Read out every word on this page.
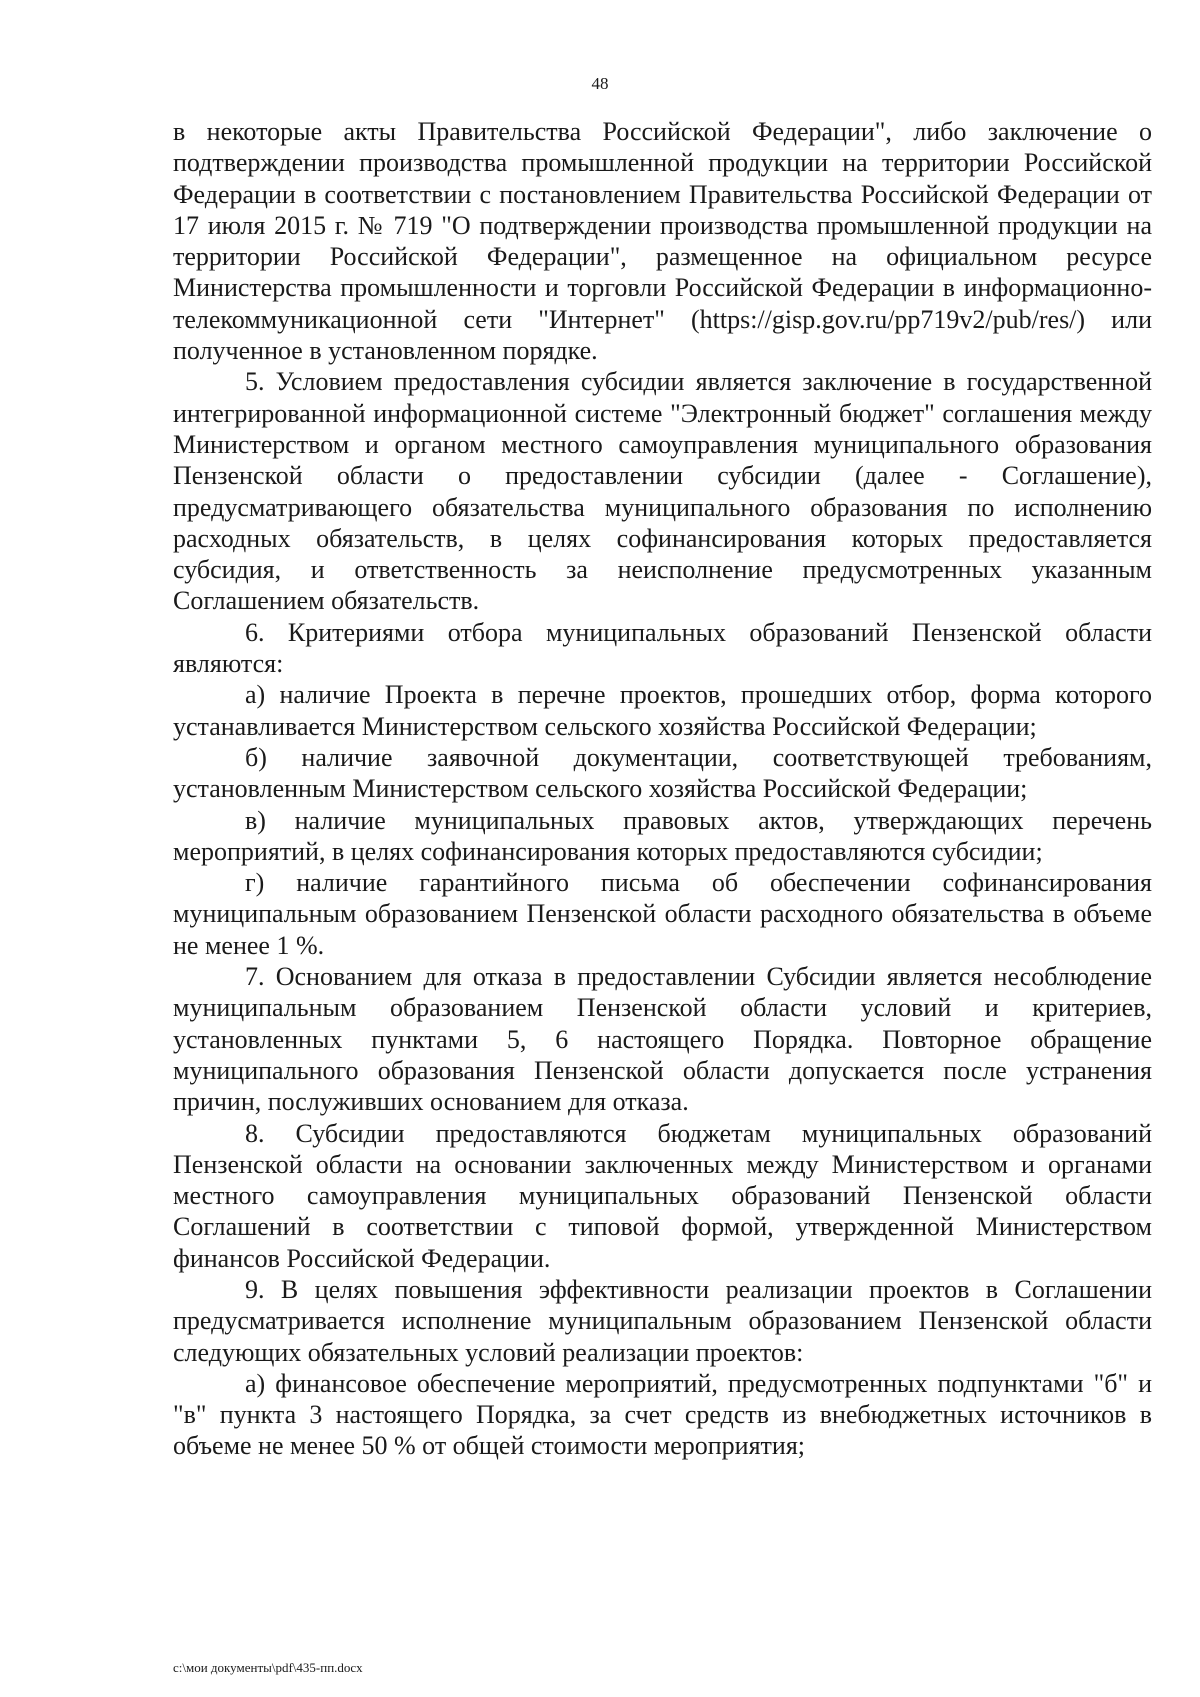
48

в некоторые акты Правительства Российской Федерации", либо заключение о подтверждении производства промышленной продукции на территории Российской Федерации в соответствии с постановлением Правительства Российской Федерации от 17 июля 2015 г. № 719 "О подтверждении производства промышленной продукции на территории Российской Федерации", размещенное на официальном ресурсе Министерства промышленности и торговли Российской Федерации в информационно-телекоммуникационной сети "Интернет" (https://gisp.gov.ru/pp719v2/pub/res/) или полученное в установленном порядке.

5. Условием предоставления субсидии является заключение в государственной интегрированной информационной системе "Электронный бюджет" соглашения между Министерством и органом местного самоуправления муниципального образования Пензенской области о предоставлении субсидии (далее - Соглашение), предусматривающего обязательства муниципального образования по исполнению расходных обязательств, в целях софинансирования которых предоставляется субсидия, и ответственность за неисполнение предусмотренных указанным Соглашением обязательств.

6. Критериями отбора муниципальных образований Пензенской области являются:

а) наличие Проекта в перечне проектов, прошедших отбор, форма которого устанавливается Министерством сельского хозяйства Российской Федерации;

б) наличие заявочной документации, соответствующей требованиям, установленным Министерством сельского хозяйства Российской Федерации;

в) наличие муниципальных правовых актов, утверждающих перечень мероприятий, в целях софинансирования которых предоставляются субсидии;

г) наличие гарантийного письма об обеспечении софинансирования муниципальным образованием Пензенской области расходного обязательства в объеме не менее 1 %.

7. Основанием для отказа в предоставлении Субсидии является несоблюдение муниципальным образованием Пензенской области условий и критериев, установленных пунктами 5, 6 настоящего Порядка. Повторное обращение муниципального образования Пензенской области допускается после устранения причин, послуживших основанием для отказа.

8. Субсидии предоставляются бюджетам муниципальных образований Пензенской области на основании заключенных между Министерством и органами местного самоуправления муниципальных образований Пензенской области Соглашений в соответствии с типовой формой, утвержденной Министерством финансов Российской Федерации.

9. В целях повышения эффективности реализации проектов в Соглашении предусматривается исполнение муниципальным образованием Пензенской области следующих обязательных условий реализации проектов:

а) финансовое обеспечение мероприятий, предусмотренных подпунктами "б" и "в" пункта 3 настоящего Порядка, за счет средств из внебюджетных источников в объеме не менее 50 % от общей стоимости мероприятия;

c:\мои документы\pdf\435-пп.docx
